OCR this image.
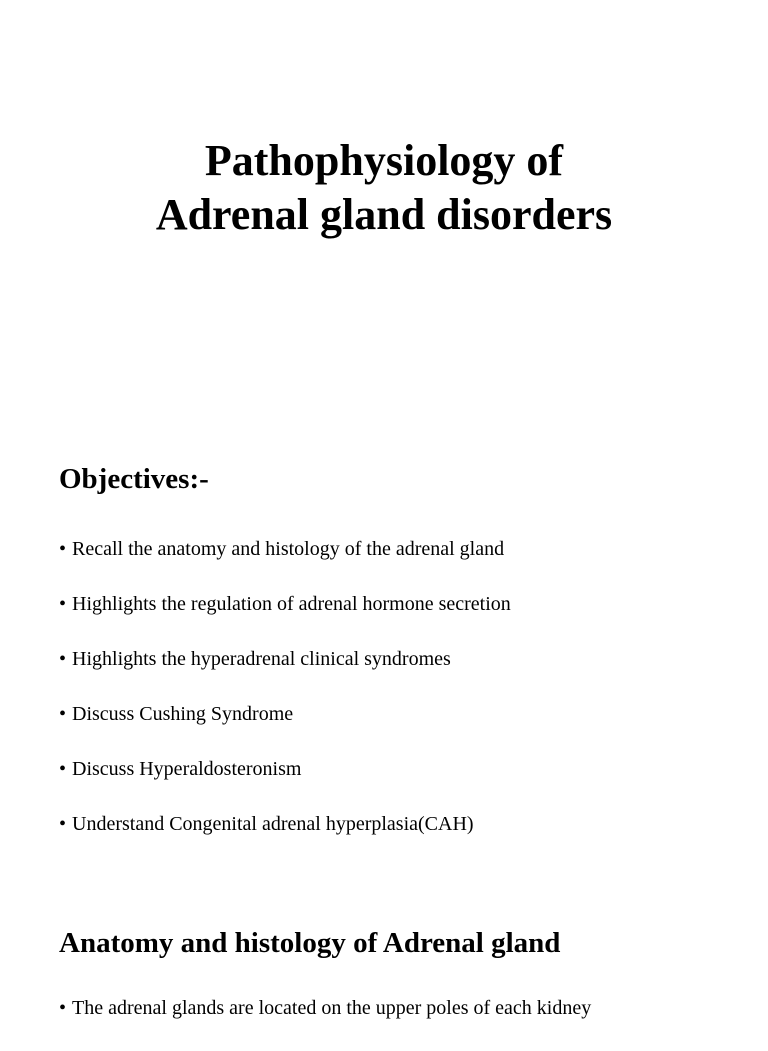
Pathophysiology of
Adrenal gland disorders
Objectives:-
• Recall the anatomy and histology of the adrenal gland
• Highlights the regulation of adrenal hormone secretion
• Highlights the hyperadrenal clinical syndromes
• Discuss Cushing Syndrome
• Discuss Hyperaldosteronism
• Understand Congenital adrenal hyperplasia(CAH)
Anatomy and histology of Adrenal gland
• The adrenal glands are located on the upper poles of each kidney
